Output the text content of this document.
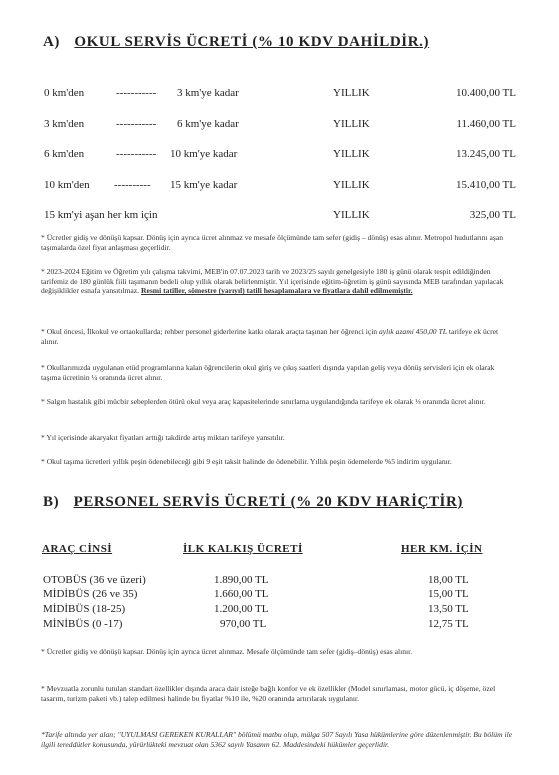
A) OKUL SERVİS ÜCRETİ (% 10 KDV DAHİLDİR.)
0 km'den	----------- 3 km'ye kadar	YILLIK	10.400,00 TL
3 km'den	----------- 6 km'ye kadar	YILLIK	11.460,00 TL
6 km'den	----------- 10 km'ye kadar	YILLIK	13.245,00 TL
10 km'den ---------- 15 km'ye kadar	YILLIK	15.410,00 TL
15 km'yi aşan her km için	YILLIK	325,00 TL
* Ücretler gidiş ve dönüşü kapsar. Dönüş için ayrıca ücret alınmaz ve mesafe ölçümünde tam sefer (gidiş – dönüş) esas alınır. Metropol hudutlarını aşan taşımalarda özel fiyat anlaşması geçerlidir.
* 2023-2024 Eğitim ve Öğretim yılı çalışma takvimi, MEB'in 07.07.2023 tarih ve 2023/25 sayılı genelgesiyle 180 iş günü olarak tespit edildiğinden tarifemiz de 180 günlük fiili taşımanın bedeli olup yıllık olarak belirlenmiştir. Yıl içerisinde eğitim-öğretim iş günü sayısında MEB tarafından yapılacak değişiklikler esnafa yansıtılmaz. Resmi tatiller, sömestre (yarıyıl) tatili hesaplamalara ve fiyatlara dahil edilmemiştir.
* Okul öncesi, İlkokul ve ortaokullarda; rehber personel giderlerine katkı olarak araçta taşınan her öğrenci için aylık azami 450,00 TL tarifeye ek ücret alınır.
* Okullarımızda uygulanan etüd programlarına kalan öğrencilerin okul giriş ve çıkış saatleri dışında yapılan geliş veya dönüş servisleri için ek olarak taşıma ücretinin ¼ oranında ücret alınır.
* Salgın hastalık gibi mücbir sebeplerden ötürü okul veya araç kapasitelerinde sınırlama uygulandığında tarifeye ek olarak ⅓ oranında ücret alınır.
* Yıl içerisinde akaryakıt fiyatları arttığı takdirde artış miktarı tarifeye yansıtılır.
* Okul taşıma ücretleri yıllık peşin ödenebileceği gibi 9 eşit taksit halinde de ödenebilir. Yıllık peşin ödemelerde %5 indirim uygulanır.
B) PERSONEL SERVİS ÜCRETİ (% 20 KDV HARİÇTİR)
ARAÇ CİNSİ	İLK KALKIŞ ÜCRETİ	HER KM. İÇİN
OTOBÜS (36 ve üzeri)	1.890,00 TL	18,00 TL
MİDİBÜS (26 ve 35)	1.660,00 TL	15,00 TL
MİDİBÜS (18-25)	1.200,00 TL	13,50 TL
MİNİBÜS (0 -17)	970,00 TL	12,75 TL
* Ücretler gidiş ve dönüşü kapsar. Dönüş için ayrıca ücret alınmaz. Mesafe ölçümünde tam sefer (gidiş–dönüş) esas alınır.
* Mevzuatla zorunlu tutulan standart özellikler dışında araca dair isteğe bağlı konfor ve ek özellikler (Model sınırlaması, motor gücü, iç döşeme, özel tasarım, turizm paketi vb.) talep edilmesi halinde bu fiyatlar %10 ile, %20 oranında artırılarak uygulanır.
*Tarife altında yer alan; "UYULMASI GEREKEN KURALLAR" bölümü matbu olup, mülga 507 Sayılı Yasa hükümlerine göre düzenlenmiştir. Bu bölüm ile ilgili tereddütler konusunda, yürürlükteki mevzuat olan 5362 sayılı Yasanın 62. Maddesindeki hükümler geçerlidir.
